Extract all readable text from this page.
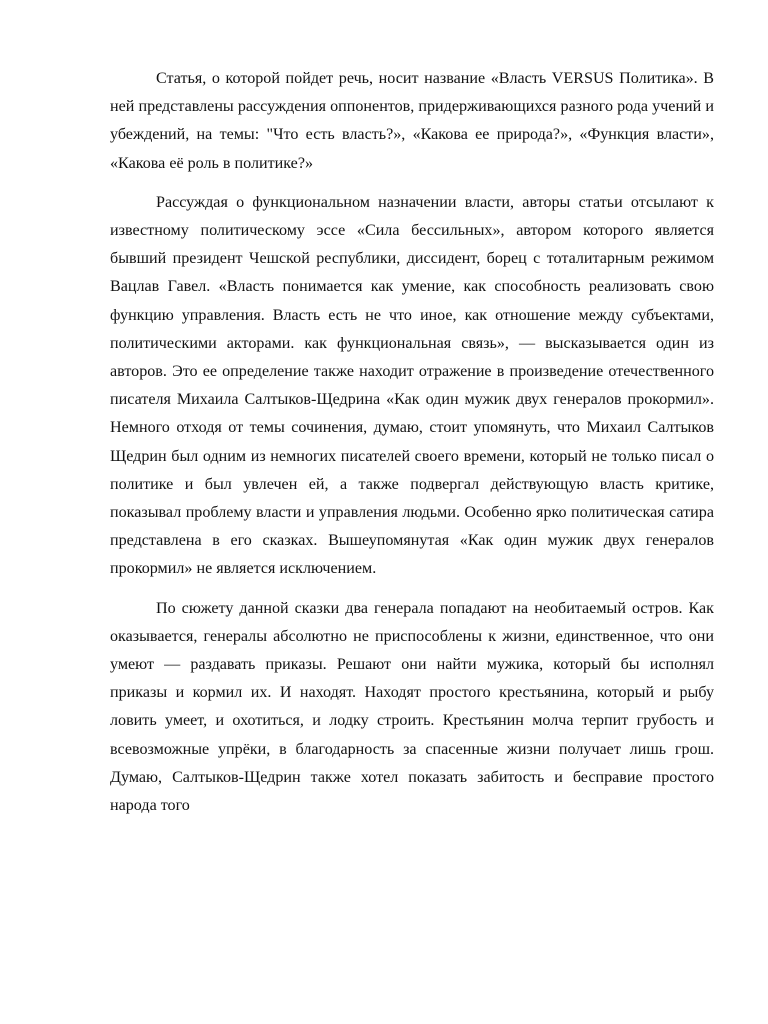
Статья, о которой пойдет речь, носит название «Власть VERSUS Политика». В ней представлены рассуждения оппонентов, придерживающихся разного рода учений и убеждений, на темы: "Что есть власть?», «Какова ее природа?», «Функция власти», «Какова её роль в политике?»

Рассуждая о функциональном назначении власти, авторы статьи отсылают к известному политическому эссе «Сила бессильных», автором которого является бывший президент Чешской республики, диссидент, борец с тоталитарным режимом Вацлав Гавел. «Власть понимается как умение, как способность реализовать свою функцию управления. Власть есть не что иное, как отношение между субъектами, политическими акторами. как функциональная связь», — высказывается один из авторов. Это ее определение также находит отражение в произведение отечественного писателя Михаила Салтыков-Щедрина «Как один мужик двух генералов прокормил». Немного отходя от темы сочинения, думаю, стоит упомянуть, что Михаил Салтыков Щедрин был одним из немногих писателей своего времени, который не только писал о политике и был увлечен ей, а также подвергал действующую власть критике, показывал проблему власти и управления людьми. Особенно ярко политическая сатира представлена в его сказках. Вышеупомянутая «Как один мужик двух генералов прокормил» не является исключением.

По сюжету данной сказки два генерала попадают на необитаемый остров. Как оказывается, генералы абсолютно не приспособлены к жизни, единственное, что они умеют — раздавать приказы. Решают они найти мужика, который бы исполнял приказы и кормил их. И находят. Находят простого крестьянина, который и рыбу ловить умеет, и охотиться, и лодку строить. Крестьянин молча терпит грубость и всевозможные упрёки, в благодарность за спасенные жизни получает лишь грош. Думаю, Салтыков-Щедрин также хотел показать забитость и бесправие простого народа того
